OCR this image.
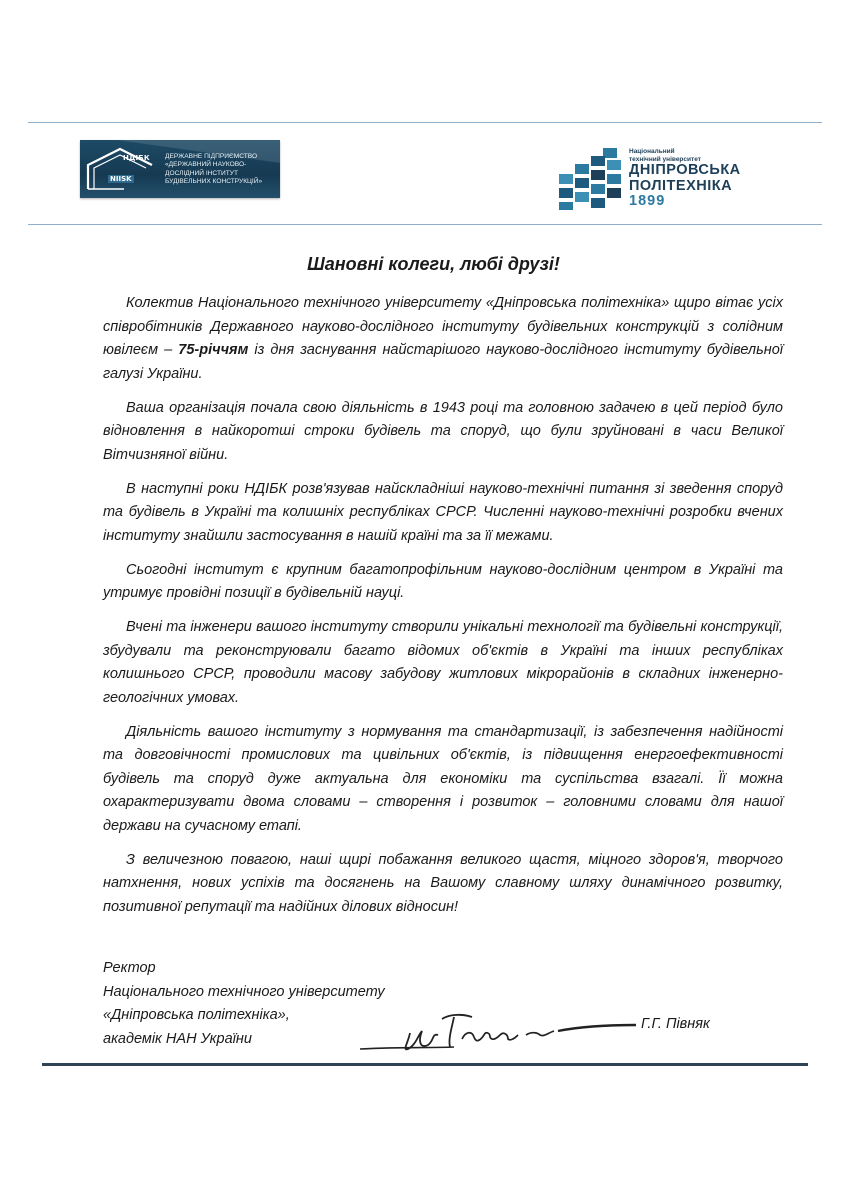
НДІБК
NIISK
ДЕРЖАВНЕ ПІДПРИЄМСТВО
«ДЕРЖАВНИЙ НАУКОВО-
ДОСЛІДНИЙ ІНСТИТУТ
БУДІВЕЛЬНИХ КОНСТРУКЦІЙ»
Національний
технічний університет
ДНІПРОВСЬКА
ПОЛІТЕХНІКА
1899
Шановні колеги, любі друзі!

Колектив Національного технічного університету «Дніпровська політехніка» щиро вітає усіх співробітників Державного науково-дослідного інституту будівельних конструкцій з солідним ювілеєм – 75-річчям із дня заснування найстарішого науково-дослідного інституту будівельної галузі України.

Ваша організація почала свою діяльність в 1943 році та головною задачею в цей період було відновлення в найкоротші строки будівель та споруд, що були зруйновані в часи Великої Вітчизняної війни.

В наступні роки НДІБК розв'язував найскладніші науково-технічні питання зі зведення споруд та будівель в Україні та колишніх республіках СРСР. Численні науково-технічні розробки вчених інституту знайшли застосування в нашій країні та за її межами.

Сьогодні інститут є крупним багатопрофільним науково-дослідним центром в Україні та утримує провідні позиції в будівельній науці.

Вчені та інженери вашого інституту створили унікальні технології та будівельні конструкції, збудували та реконструювали багато відомих об'єктів в Україні та інших республіках колишнього СРСР, проводили масову забудову житлових мікрорайонів в складних інженерно-геологічних умовах.

Діяльність вашого інституту з нормування та стандартизації, із забезпечення надійності та довговічності промислових та цивільних об'єктів, із підвищення енергоефективності будівель та споруд дуже актуальна для економіки та суспільства взагалі. Її можна охарактеризувати двома словами – створення і розвиток – головними словами для нашої держави на сучасному етапі.

З величезною повагою, наші щирі побажання великого щастя, міцного здоров'я, творчого натхнення, нових успіхів та досягнень на Вашому славному шляху динамічного розвитку, позитивної репутації та надійних ділових відносин!

Ректор
Національного технічного університету
«Дніпровська політехніка»,
академік НАН України
Г.Г. Півняк
